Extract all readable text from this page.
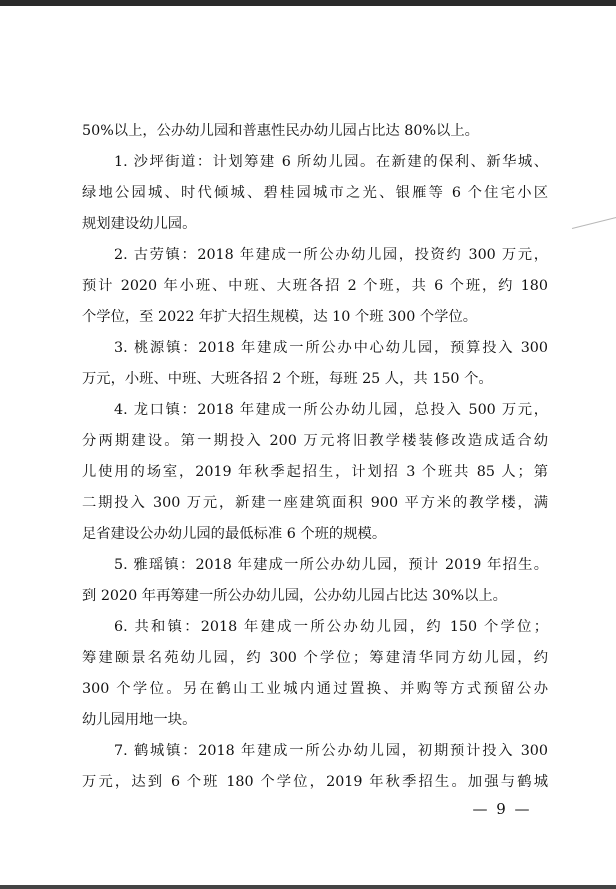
50%以上，公办幼儿园和普惠性民办幼儿园占比达 80%以上。
1. 沙坪街道：计划筹建 6 所幼儿园。在新建的保利、新华城、
绿地公园城、时代倾城、碧桂园城市之光、银雁等 6 个住宅小区
规划建设幼儿园。
2. 古劳镇：2018 年建成一所公办幼儿园，投资约 300 万元，
预计 2020 年小班、中班、大班各招 2 个班，共 6 个班，约 180
个学位，至 2022 年扩大招生规模，达 10 个班 300 个学位。
3. 桃源镇：2018 年建成一所公办中心幼儿园，预算投入 300
万元，小班、中班、大班各招 2 个班，每班 25 人，共 150 个。
4. 龙口镇：2018 年建成一所公办幼儿园，总投入 500 万元，
分两期建设。第一期投入 200 万元将旧教学楼装修改造成适合幼
儿使用的场室，2019 年秋季起招生，计划招 3 个班共 85 人；第
二期投入 300 万元，新建一座建筑面积 900 平方米的教学楼，满
足省建设公办幼儿园的最低标准 6 个班的规模。
5. 雅瑶镇：2018 年建成一所公办幼儿园，预计 2019 年招生。
到 2020 年再筹建一所公办幼儿园，公办幼儿园占比达 30%以上。
6. 共和镇：2018 年建成一所公办幼儿园，约 150 个学位；
筹建颐景名苑幼儿园，约 300 个学位；筹建清华同方幼儿园，约
300 个学位。另在鹤山工业城内通过置换、并购等方式预留公办
幼儿园用地一块。
7. 鹤城镇：2018 年建成一所公办幼儿园，初期预计投入 300
万元，达到 6 个班 180 个学位，2019 年秋季招生。加强与鹤城
— 9 —
